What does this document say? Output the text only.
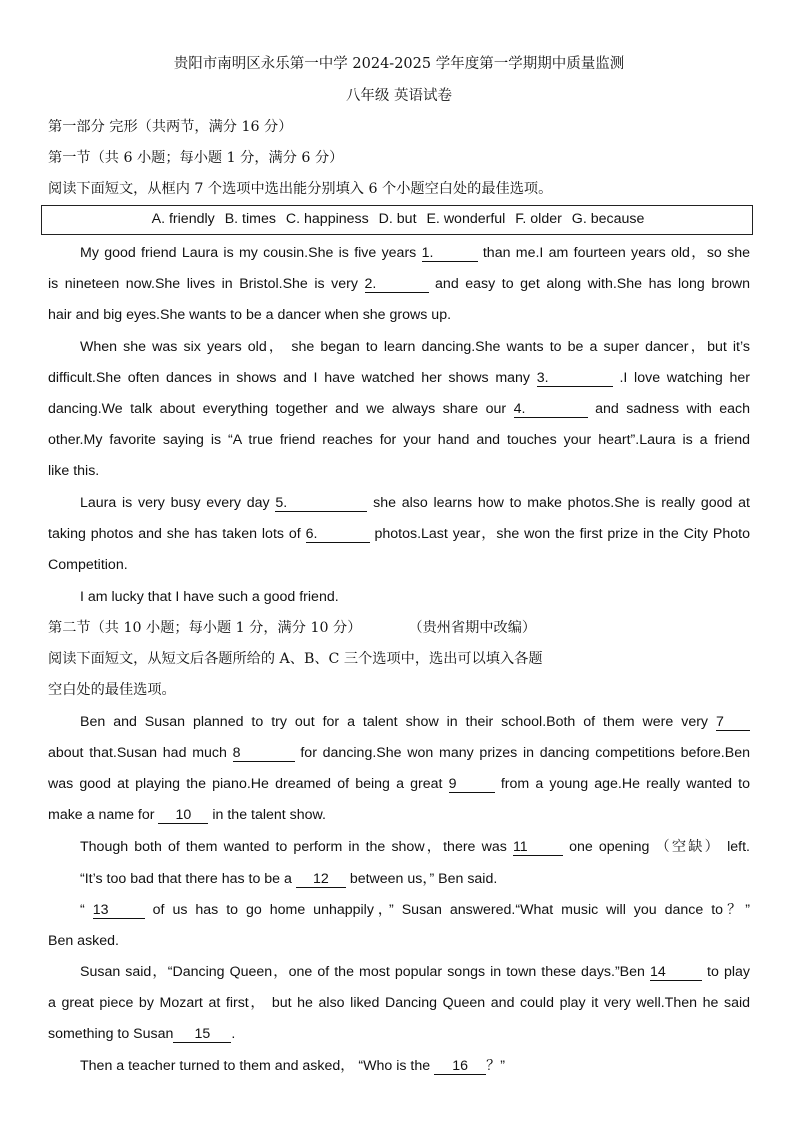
贵阳市南明区永乐第一中学 2024-2025 学年度第一学期期中质量监测
八年级 英语试卷
第一部分 完形（共两节，满分 16 分）
第一节（共 6 小题；每小题 1 分，满分 6 分）
阅读下面短文，从框内 7 个选项中选出能分别填入 6 个小题空白处的最佳选项。
A. friendly B. times C. happiness D. but E. wonderful F. older G. because
My good friend Laura is my cousin.She is five years 1.	than me.I am fourteen years old，so she
is nineteen now.She lives in Bristol.She is very 2.	and easy to get along with.She has long brown
hair and big eyes.She wants to be a dancer when she grows up.
When she was six years old， she began to learn dancing.She wants to be a super dancer，but it’s
difficult.She often dances in shows and I have watched her shows many 3.	.I love watching her
dancing.We talk about everything together and we always share our 4.	and sadness with each
other.My favorite saying is “A true friend reaches for your hand and touches your heart”.Laura is a friend
like this.
Laura is very busy every day 5.	she also learns how to make photos.She is really good at
taking photos and she has taken lots of 6.	photos.Last year，she won the first prize in the City Photo
Competition.
I am lucky that I have such a good friend.
第二节（共 10 小题；每小题 1 分，满分 10 分）	（贵州省期中改编）
阅读下面短文，从短文后各题所给的 A、B、C 三个选项中，选出可以填入各题
空白处的最佳选项。
Ben and Susan planned to try out for a talent show in their school.Both of them were very 7
about that.Susan had much 8	for dancing.She won many prizes in dancing competitions before.Ben
was good at playing the piano.He dreamed of being a great 9	from a young age.He really wanted to
make a name for 10 in the talent show.
Though both of them wanted to perform in the show，there was 11	one opening （空缺） left.
“It’s too bad that there has to be a 12 between us，” Ben said.
“ 13	of us has to go home unhappily，” Susan answered.“What music will you dance to？”
Ben asked.
Susan said，“Dancing Queen，one of the most popular songs in town these days.”Ben 14	to play
a great piece by Mozart at first， but he also liked Dancing Queen and could play it very well.Then he said
something to Susan 15 .
Then a teacher turned to them and asked， “Who is the 16 ？”
